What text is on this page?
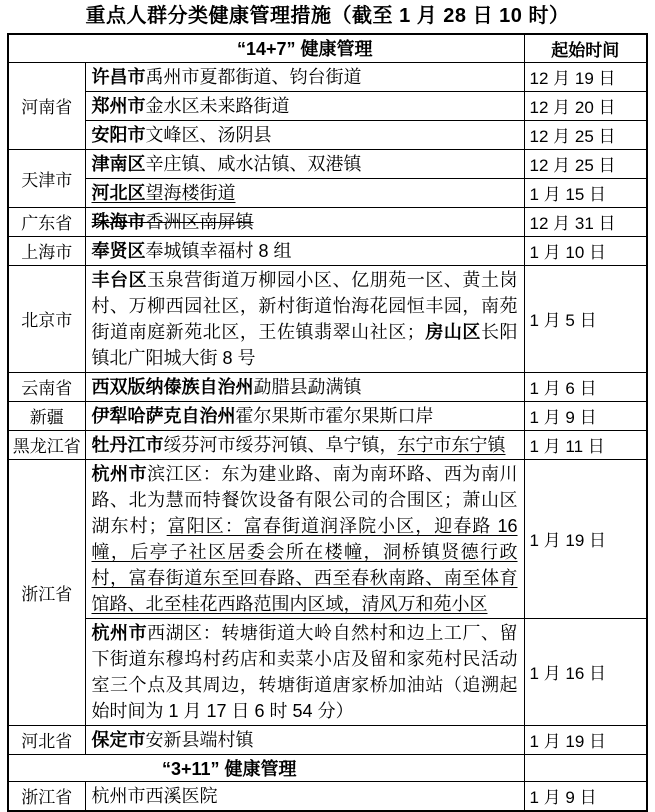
重点人群分类健康管理措施（截至 1 月 28 日 10 时）
“14+7” 健康管理		起始时间
河南省	许昌市禹州市夏都街道、钧台街道	12 月 19 日
	郑州市金水区未来路街道	12 月 20 日
	安阳市文峰区、汤阴县	12 月 25 日
天津市	津南区辛庄镇、咸水沽镇、双港镇	12 月 25 日
	河北区望海楼街道	1 月 15 日
广东省	珠海市香洲区南屏镇	12 月 31 日
上海市	奉贤区奉城镇幸福村 8 组	1 月 10 日
北京市	丰台区玉泉营街道万柳园小区、亿朋苑一区、黄土岗村、万柳西园社区，新村街道怡海花园恒丰园，南苑街道南庭新苑北区，王佐镇翡翠山社区；房山区长阳镇北广阳城大街 8 号	1 月 5 日
云南省	西双版纳傣族自治州勐腊县勐满镇	1 月 6 日
新疆	伊犁哈萨克自治州霍尔果斯市霍尔果斯口岸	1 月 9 日
黑龙江省	牡丹江市绥芬河市绥芬河镇、阜宁镇，东宁市东宁镇	1 月 11 日
浙江省	杭州市滨江区：东为建业路、南为南环路、西为南川路、北为慧而特餐饮设备有限公司的合围区；萧山区湖东村；富阳区：富春街道润泽院小区，迎春路 16 幢，后亭子社区居委会所在楼幢，洞桥镇贤德行政村，富春街道东至回春路、西至春秋南路、南至体育馆路、北至桂花西路范围内区域，清风万和苑小区	1 月 19 日
	杭州市西湖区：转塘街道大岭自然村和边上工厂、留下街道东穆坞村药店和卖菜小店及留和家苑村民活动室三个点及其周边，转塘街道唐家桥加油站（追溯起始时间为 1 月 17 日 6 时 54 分）	1 月 16 日
河北省	保定市安新县端村镇	1 月 19 日
“3+11” 健康管理		
浙江省	杭州市西溪医院	1 月 9 日
